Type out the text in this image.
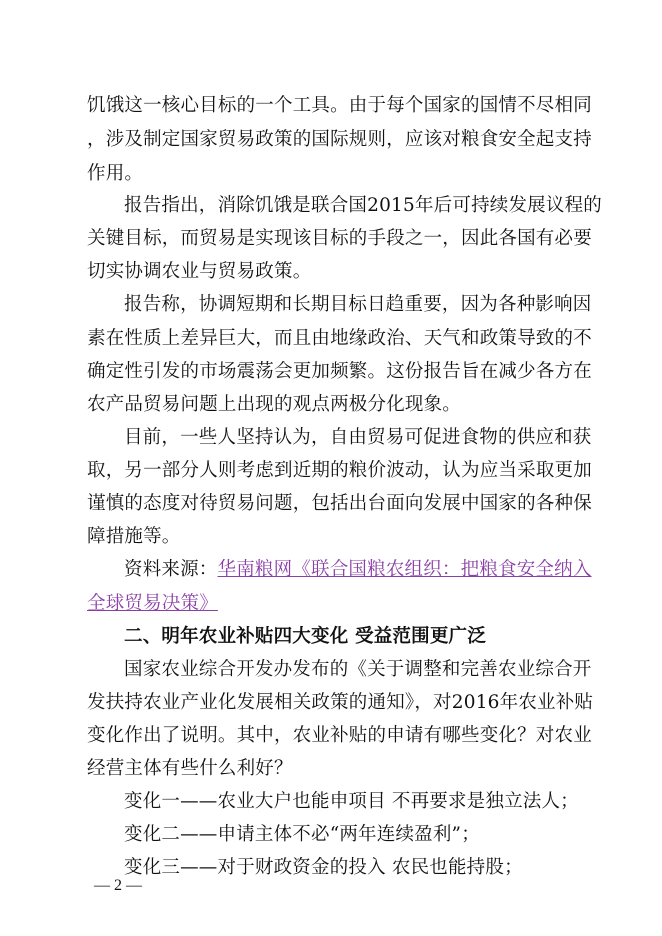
饥饿这一核心目标的一个工具。由于每个国家的国情不尽相同
，涉及制定国家贸易政策的国际规则，应该对粮食安全起支持
作用。
报告指出，消除饥饿是联合国2015年后可持续发展议程的
关键目标，而贸易是实现该目标的手段之一，因此各国有必要
切实协调农业与贸易政策。
报告称，协调短期和长期目标日趋重要，因为各种影响因
素在性质上差异巨大，而且由地缘政治、天气和政策导致的不
确定性引发的市场震荡会更加频繁。这份报告旨在减少各方在
农产品贸易问题上出现的观点两极分化现象。
目前，一些人坚持认为，自由贸易可促进食物的供应和获
取，另一部分人则考虑到近期的粮价波动，认为应当采取更加
谨慎的态度对待贸易问题，包括出台面向发展中国家的各种保
障措施等。
资料来源：华南粮网《联合国粮农组织：把粮食安全纳入
全球贸易决策》
二、明年农业补贴四大变化 受益范围更广泛
国家农业综合开发办发布的《关于调整和完善农业综合开
发扶持农业产业化发展相关政策的通知》，对2016年农业补贴
变化作出了说明。其中，农业补贴的申请有哪些变化？对农业
经营主体有些什么利好？
变化一——农业大户也能申项目 不再要求是独立法人；
变化二——申请主体不必“两年连续盈利”；
变化三——对于财政资金的投入 农民也能持股；
— 2 —
